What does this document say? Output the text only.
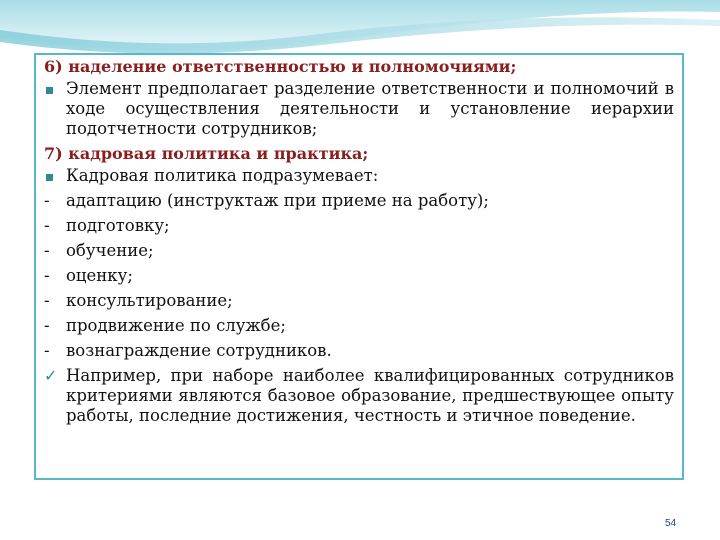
6) наделение ответственностью и полномочиями;
Элемент предполагает разделение ответственности и полномочий в ходе осуществления деятельности и установление иерархии подотчетности сотрудников;
7) кадровая политика и практика;
Кадровая политика подразумевает:
- адаптацию (инструктаж при приеме на работу);
- подготовку;
- обучение;
- оценку;
- консультирование;
- продвижение по службе;
- вознаграждение сотрудников.
✓ Например, при наборе наиболее квалифицированных сотрудников критериями являются базовое образование, предшествующее опыту работы, последние достижения, честность и этичное поведение.
54
